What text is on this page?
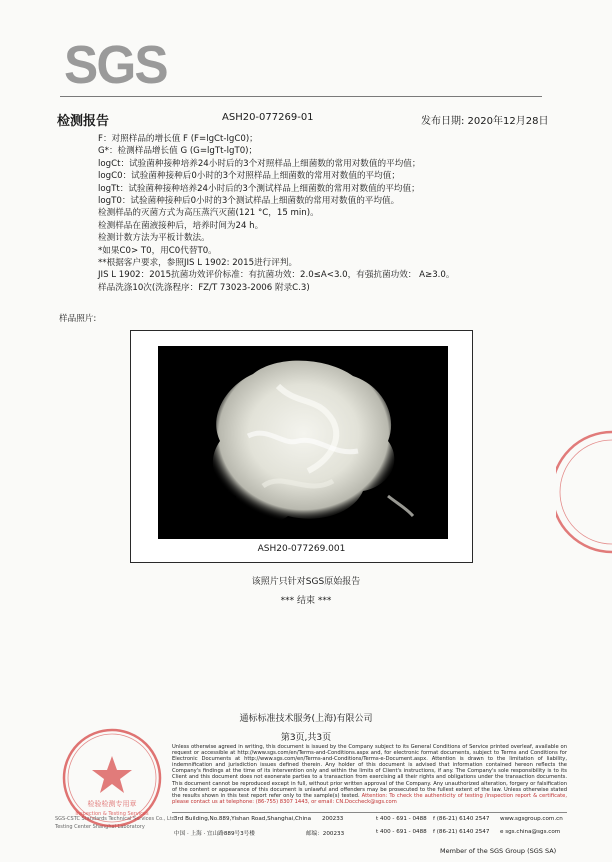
SGS
检测报告	ASH20-077269-01	发布日期: 2020年12月28日
F：对照样品的增长值 F (F=lgCt-lgC0)；
G*：检测样品增长值 G (G=lgTt-lgT0)；
logCt：试验菌种接种培养24小时后的3个对照样品上细菌数的常用对数值的平均值；
logC0：试验菌种接种后0小时的3个对照样品上细菌数的常用对数值的平均值；
logTt：试验菌种接种培养24小时后的3个测试样品上细菌数的常用对数值的平均值；
logT0：试验菌种接种后0小时的3个测试样品上细菌数的常用对数值的平均值。
检测样品的灭菌方式为高压蒸汽灭菌(121 °C，15 min)。
检测样品在菌液接种后，培养时间为24 h。
检测计数方法为平板计数法。
*如果C0> T0，用C0代替T0。
**根据客户要求，参照JIS L 1902: 2015进行评判。
JIS L 1902：2015抗菌功效评价标准：有抗菌功效：2.0≤A<3.0，有强抗菌功效： A≥3.0。
样品洗涤10次(洗涤程序：FZ/T 73023-2006 附录C.3)
样品照片:
ASH20-077269.001
该照片只针对SGS原始报告
*** 结束 ***
通标标准技术服务(上海)有限公司
第3页,共3页
Unless otherwise agreed in writing, this document is issued by the Company subject to its General Conditions of Service printed overleaf, available on request or accessible at http://www.sgs.com/en/Terms-and-Conditions.aspx and, for electronic format documents, subject to Terms and Conditions for Electronic Documents at http://www.sgs.com/en/Terms-and-Conditions/Terms-e-Document.aspx. Attention is drawn to the limitation of liability, indemnification and jurisdiction issues defined therein. Any holder of this document is advised that information contained hereon reflects the Company's findings at the time of its intervention only and within the limits of Client's instructions, if any. The Company's sole responsibility is to its Client and this document does not exonerate parties to a transaction from exercising all their rights and obligations under the transaction documents. This document cannot be reproduced except in full, without prior written approval of the Company. Any unauthorized alteration, forgery or falsification of the content or appearance of this document is unlawful and offenders may be prosecuted to the fullest extent of the law. Unless otherwise stated the results shown in this test report refer only to the sample(s) tested. Attention: To check the authenticity of testing /inspection report & certificate, please contact us at telephone: (86-755) 8307 1443, or email: CN.Doccheck@sgs.com
3rd Building,No.889,Yishan Road,Shanghai,China 200233	t 400 - 691 - 0488 f (86-21) 6140 2547 www.sgsgroup.com.cn
中国 · 上海 · 宜山路889号3号楼	邮编：200233	t 400 - 691 - 0488 f (86-21) 6140 2547 e sgs.china@sgs.com
SGS-CSTC Standards Technical Services Co., Ltd.
Testing Center Shanghai Laboratory
Member of the SGS Group (SGS SA)
检验检测专用章
Inspection & Testing Services
